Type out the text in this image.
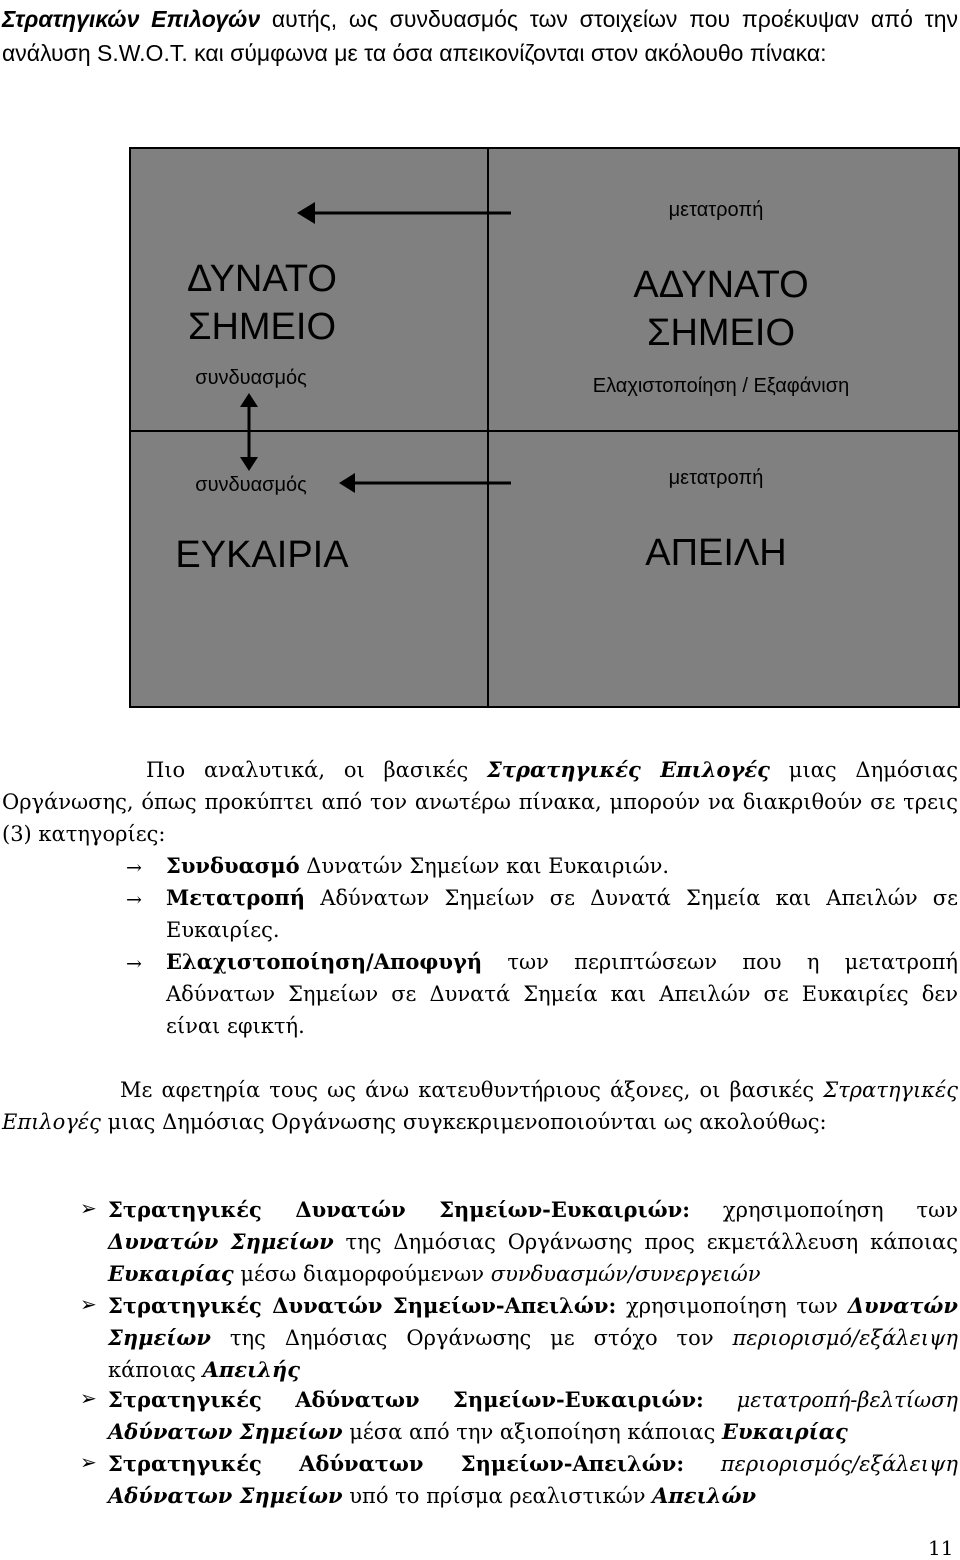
Στρατηγικών Επιλογών αυτής, ως συνδυασμός των στοιχείων που προέκυψαν από την ανάλυση S.W.O.T. και σύμφωνα με τα όσα απεικονίζονται στον ακόλουθο πίνακα:
ΔΥΝΑΤΟ
ΣΗΜΕΙΟ
συνδυασμός
μετατροπή
ΑΔΥΝΑΤΟ
ΣΗΜΕΙΟ
Ελαχιστοποίηση / Εξαφάνιση
συνδυασμός
ΕΥΚΑΙΡΙΑ
μετατροπή
ΑΠΕΙΛΗ
Πιο αναλυτικά, οι βασικές Στρατηγικές Επιλογές μιας Δημόσιας Οργάνωσης, όπως προκύπτει από τον ανωτέρω πίνακα, μπορούν να διακριθούν σε τρεις (3) κατηγορίες:
→ Συνδυασμό Δυνατών Σημείων και Ευκαιριών.
→ Μετατροπή Αδύνατων Σημείων σε Δυνατά Σημεία και Απειλών σε Ευκαιρίες.
→ Ελαχιστοποίηση/Αποφυγή των περιπτώσεων που η μετατροπή Αδύνατων Σημείων σε Δυνατά Σημεία και Απειλών σε Ευκαιρίες δεν είναι εφικτή.
Με αφετηρία τους ως άνω κατευθυντήριους άξονες, οι βασικές Στρατηγικές Επιλογές μιας Δημόσιας Οργάνωσης συγκεκριμενοποιούνται ως ακολούθως:
➢ Στρατηγικές Δυνατών Σημείων-Ευκαιριών: χρησιμοποίηση των Δυνατών Σημείων της Δημόσιας Οργάνωσης προς εκμετάλλευση κάποιας Ευκαιρίας μέσω διαμορφούμενων συνδυασμών/συνεργειών
➢ Στρατηγικές Δυνατών Σημείων-Απειλών: χρησιμοποίηση των Δυνατών Σημείων της Δημόσιας Οργάνωσης με στόχο τον περιορισμό/εξάλειψη κάποιας Απειλής
➢ Στρατηγικές Αδύνατων Σημείων-Ευκαιριών: μετατροπή-βελτίωση Αδύνατων Σημείων μέσα από την αξιοποίηση κάποιας Ευκαιρίας
➢ Στρατηγικές Αδύνατων Σημείων-Απειλών: περιορισμός/εξάλειψη Αδύνατων Σημείων υπό το πρίσμα ρεαλιστικών Απειλών
11
